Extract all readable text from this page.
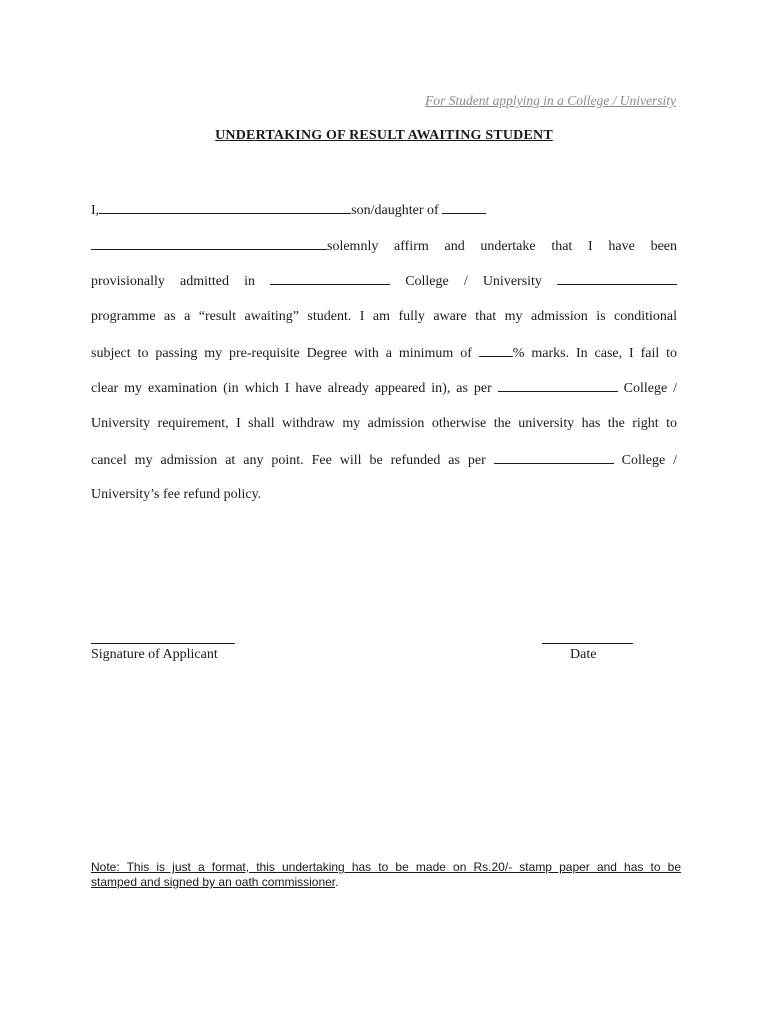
For Student applying in a College / University
UNDERTAKING OF RESULT AWAITING STUDENT
I,	son/daughter of
solemnly affirm and undertake that I have been
provisionally admitted in	College / University
programme as a “result awaiting” student. I am fully aware that my admission is conditional
subject to passing my pre-requisite Degree with a minimum of	% marks. In case, I fail to
clear my examination (in which I have already appeared in), as per	College /
University requirement, I shall withdraw my admission otherwise the university has the right to
cancel my admission at any point. Fee will be refunded as per	College /
University’s fee refund policy.
Signature of Applicant	Date
Note: This is just a format, this undertaking has to be made on Rs.20/- stamp paper and has to be
stamped and signed by an oath commissioner.
